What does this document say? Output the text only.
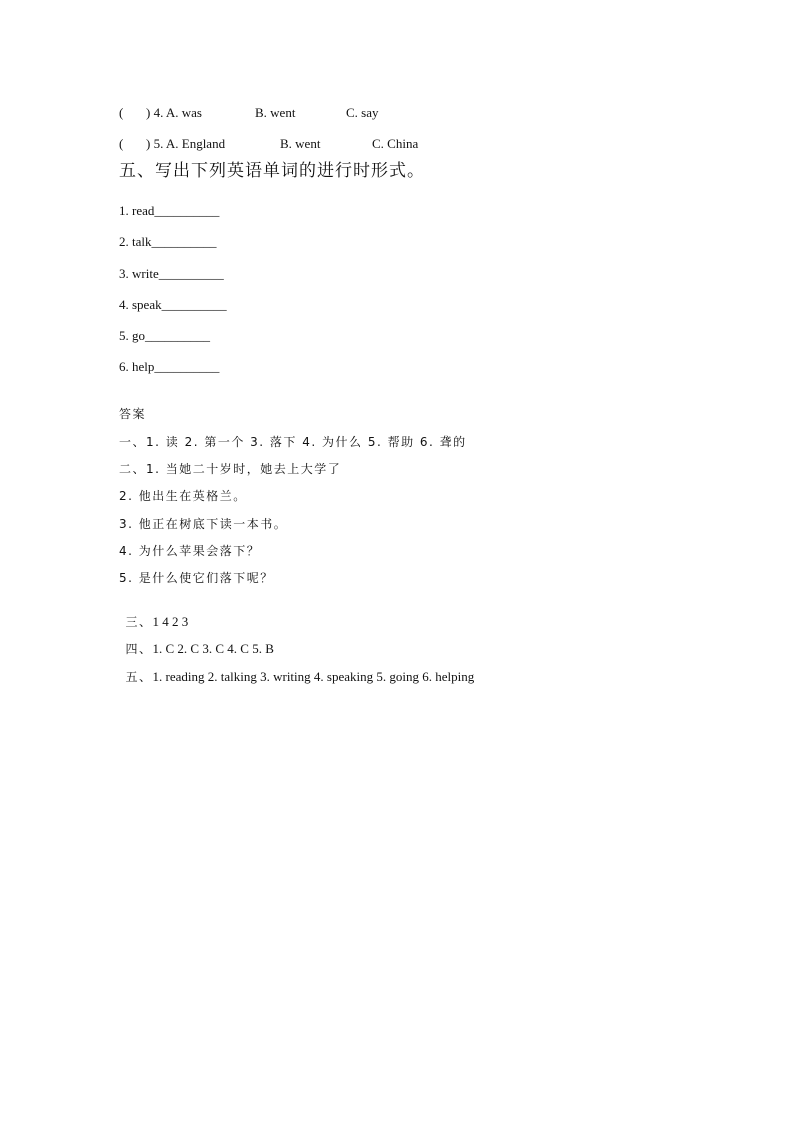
(

) 4. A. was

	B. went

	C. say

(

) 5. A. England

	B. went

	C. China

五、写出下列英语单词的进行时形式。
1. read__________
2. talk__________
3. write__________
4. speak__________
5. go__________
6. help__________
答案
一、1. 读 2. 第一个 3. 落下 4. 为什么 5. 帮助 6. 聋的
二、1. 当她二十岁时，她去上大学了
2. 他出生在英格兰。
3. 他正在树底下读一本书。
4. 为什么苹果会落下？
5. 是什么使它们落下呢？

三、1 4 2 3

四、1. C 2. C 3. C 4. C 5. B

五、1. reading 2. talking 3. writing 4. speaking 5. going 6. helping
